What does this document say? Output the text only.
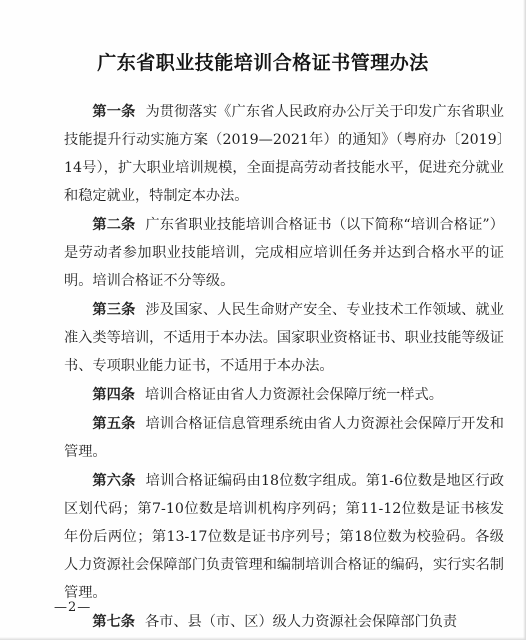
广东省职业技能培训合格证书管理办法

第一条 为贯彻落实《广东省人民政府办公厅关于印发广东省职业技能提升行动实施方案（2019—2021年）的通知》（粤府办〔2019〕14号），扩大职业培训规模，全面提高劳动者技能水平，促进充分就业和稳定就业，特制定本办法。

第二条 广东省职业技能培训合格证书（以下简称“培训合格证”）是劳动者参加职业技能培训，完成相应培训任务并达到合格水平的证明。培训合格证不分等级。

第三条 涉及国家、人民生命财产安全、专业技术工作领域、就业准入类等培训，不适用于本办法。国家职业资格证书、职业技能等级证书、专项职业能力证书，不适用于本办法。

第四条 培训合格证由省人力资源社会保障厅统一样式。

第五条 培训合格证信息管理系统由省人力资源社会保障厅开发和管理。

第六条 培训合格证编码由18位数字组成。第1-6位数是地区行政区划代码；第7-10位数是培训机构序列码；第11-12位数是证书核发年份后两位；第13-17位数是证书序列号；第18位数为校验码。各级人力资源社会保障部门负责管理和编制培训合格证的编码，实行实名制管理。

第七条 各市、县（市、区）级人力资源社会保障部门负责

—2—
